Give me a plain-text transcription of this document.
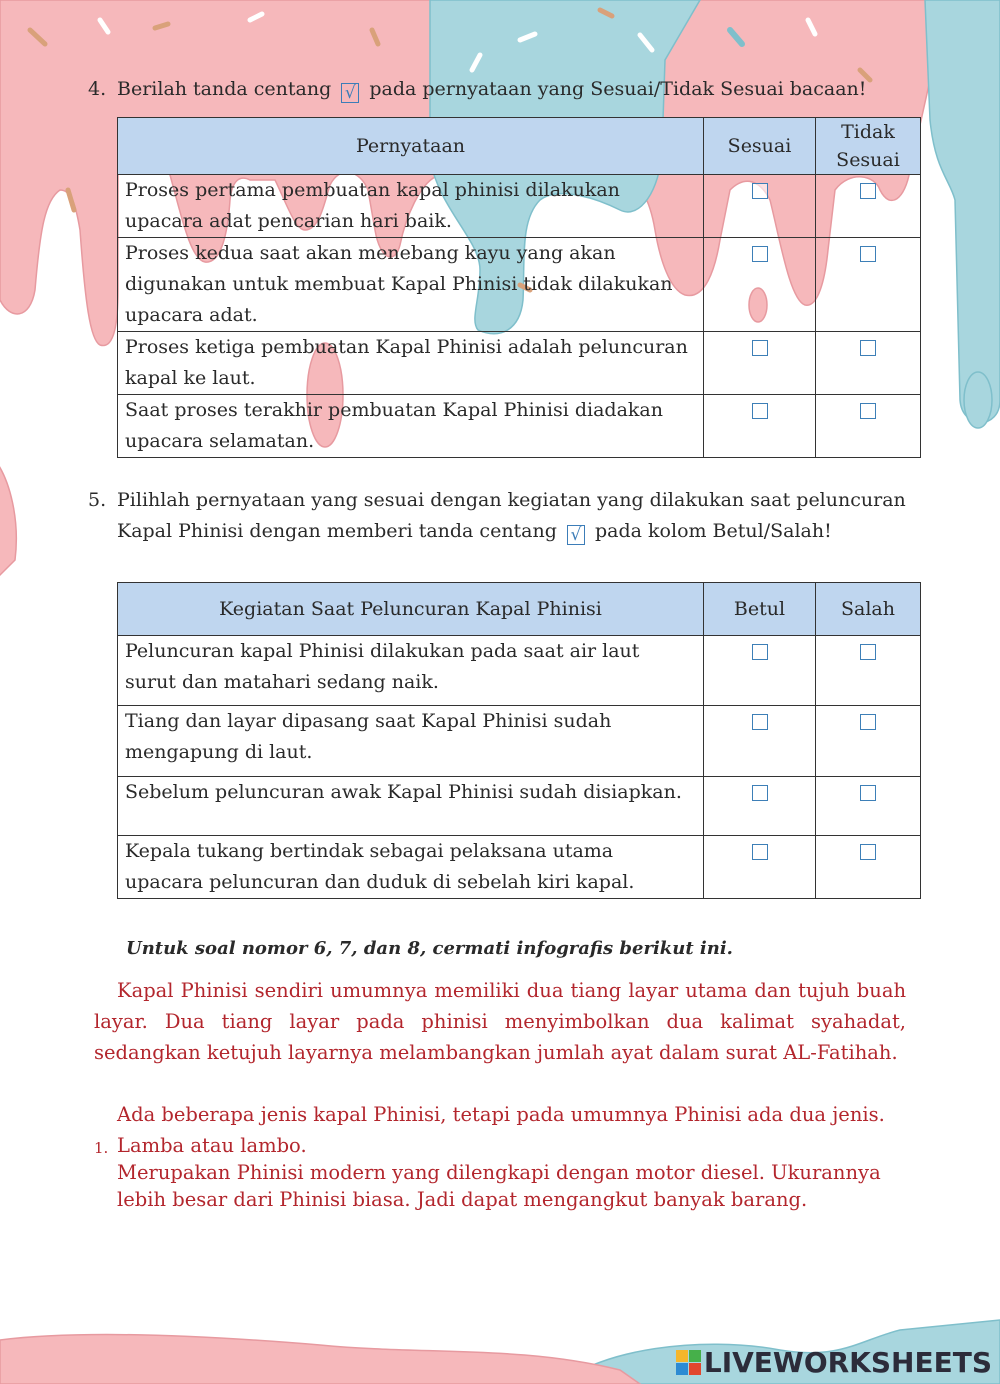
4. Berilah tanda centang √ pada pernyataan yang Sesuai/Tidak Sesuai bacaan!
Pernyataan	Sesuai	Tidak Sesuai
Proses pertama pembuatan kapal phinisi dilakukan upacara adat pencarian hari baik.		
Proses kedua saat akan menebang kayu yang akan digunakan untuk membuat Kapal Phinisi tidak dilakukan upacara adat.		
Proses ketiga pembuatan Kapal Phinisi adalah peluncuran kapal ke laut.		
Saat proses terakhir pembuatan Kapal Phinisi diadakan upacara selamatan.		
5. Pilihlah pernyataan yang sesuai dengan kegiatan yang dilakukan saat peluncuran
Kapal Phinisi dengan memberi tanda centang √ pada kolom Betul/Salah!
Kegiatan Saat Peluncuran Kapal Phinisi	Betul	Salah
Peluncuran kapal Phinisi dilakukan pada saat air laut surut dan matahari sedang naik.		
Tiang dan layar dipasang saat Kapal Phinisi sudah mengapung di laut.		
Sebelum peluncuran awak Kapal Phinisi sudah disiapkan.		
Kepala tukang bertindak sebagai pelaksana utama upacara peluncuran dan duduk di sebelah kiri kapal.		
Untuk soal nomor 6, 7, dan 8, cermati infografis berikut ini.
Kapal Phinisi sendiri umumnya memiliki dua tiang layar utama dan tujuh buah layar. Dua tiang layar pada phinisi menyimbolkan dua kalimat syahadat, sedangkan ketujuh layarnya melambangkan jumlah ayat dalam surat AL-Fatihah.
Ada beberapa jenis kapal Phinisi, tetapi pada umumnya Phinisi ada dua jenis.
1. Lamba atau lambo.
Merupakan Phinisi modern yang dilengkapi dengan motor diesel. Ukurannya lebih besar dari Phinisi biasa. Jadi dapat mengangkut banyak barang.
LIVEWORKSHEETS
